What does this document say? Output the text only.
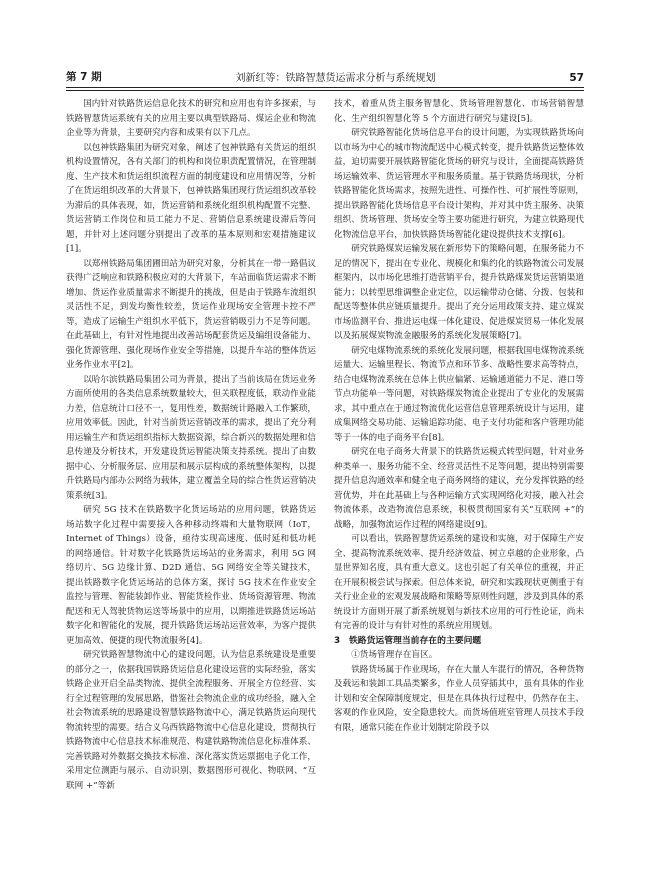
第 7 期	刘新红等：铁路智慧货运需求分析与系统规划	57

国内针对铁路货运信息化技术的研究和应用也有许多探索，与铁路智慧货运系统有关的应用主要以典型铁路局、煤运企业和物流企业等为背景，主要研究内容和成果有以下几点。

以包神铁路集团为研究对象，阐述了包神铁路有关货运的组织机构设置情况，各有关部门的机构和岗位职责配置情况，在管理制度、生产技术和货运组织流程方面的制度建设和应用情况等，分析了在货运组织改革的大背景下，包神铁路集团现行货运组织改革较为滞后的具体表现，如，货运营销和系统化组织机构配置不完整、货运营销工作岗位和员工能力不足、营销信息系统建设滞后等问题，并针对上述问题分别提出了改革的基本原则和宏观措施建议[1]。

以郑州铁路局集团圃田站为研究对象，分析其在一带一路倡议获得广泛响应和铁路积极应对的大背景下，车站面临货运需求不断增加、货运作业质量需求不断提升的挑战，但是由于铁路车流组织灵活性不足，到发均衡性较差，货运作业现场安全管理卡控不严等，造成了运输生产组织水平低下，货运营销吸引力不足等问题。在此基础上，有针对性地提出改善站场配套货运及编组设备能力、强化货源管理、强化现场作业安全等措施，以提升车站的整体货运业务作业水平[2]。

以哈尔滨铁路局集团公司为背景，提出了当前该局在货运业务方面所使用的各类信息系统数量较大，但关联程度低，联动作业能力差，信息统计口径不一，复用性差，数据统计路融入工作繁琐，应用效率低。因此，针对当前货运营销改革的需求，提出了充分利用运输生产和货运组织指标大数据资源，综合新兴的数据处理和信息传递及分析技术，开发建设货运智能决策支持系统。提出了由数据中心、分析服务层、应用层和展示层构成的系统整体架构，以提升铁路局内部办公网络为载体，建立覆盖全局的综合性货运营销决策系统[3]。

研究 5G 技术在铁路数字化货运场站的应用问题，铁路货运场站数字化过程中需要接入各种移动终端和大量物联网（IoT，Internet of Things）设备，亟待实现高速度、低时延和低功耗的网络通信。针对数字化铁路货运场站的业务需求，利用 5G 网络切片、5G 边缘计算、D2D 通信、5G 网络安全等关键技术，提出铁路数字化货运场站的总体方案，探讨 5G 技术在作业安全监控与管理、智能装卸作业、智能货检作业、货场资源管理、物流配送和无人驾驶货物运送等场景中的应用，以期推进铁路货运场站数字化和智能化的发展，提升铁路货运场站运营效率，为客户提供更加高效、便捷的现代物流服务[4]。

研究铁路智慧物流中心的建设问题，认为信息系统建设是重要的部分之一，依据我国铁路货运信息化建设运营的实际经验，落实铁路企业开启全品类物流、提供全流程服务、开展全方位经营、实行全过程管理的发展思路，借鉴社会物流企业的成功经验，融入全社会物流系统的思路建设智慧铁路物流中心，满足铁路货运向现代物流转型的需要。结合义乌西铁路物流中心信息化建设，贯彻执行铁路物流中心信息技术标准规范、构建铁路物流信息化标准体系、完善铁路对外数据交换技术标准、深化落实货运票据电子化工作，采用定位测距与展示、自动识别、数据图形可视化、物联网、“互联网 +”等新

技术，着重从货主服务智慧化、货场管理智慧化、市场营销智慧化、生产组织智慧化等 5 个方面进行研究与建设[5]。

研究铁路智能化货场信息平台的设计问题，为实现铁路货场向以市场为中心的城市物流配送中心模式转变，提升铁路货运整体效益，迫切需要开展铁路智能化货场的研究与设计，全面提高铁路货场运输效率、货运管理水平和服务质量。基于铁路货场现状，分析铁路智能化货场需求，按照先进性、可操作性、可扩展性等原则，提出铁路智能化货场信息平台设计架构，并对其中货主服务、决策组织、货场管理、货场安全等主要功能进行研究，为建立铁路现代化物流信息平台，加快铁路货场智能化建设提供技术支撑[6]。

研究铁路煤炭运输发展在新形势下的策略问题，在服务能力不足的情况下，提出在专业化、规模化和集约化的铁路物流公司发展框架内，以市场化思维打造营销平台，提升铁路煤炭货运营销渠道能力；以转型思维调整企业定位，以运输带动仓储、分拨、包装和配送等整体供应链质量提升。提出了充分运用政策支持、建立煤炭市场监测平台、推进运电煤一体化建设、促进煤炭贸易一体化发展以及拓展煤炭物流金融服务的系统化发展策略[7]。

研究电煤物流系统的系统化发展问题，根据我国电煤物流系统运量大、运输里程长、物流节点和环节多、战略性要求高等特点，结合电煤物流系统在总体上供应偏紧、运输通道能力不足、港口等节点功能单一等问题，对铁路煤炭物流企业提出了专业化的发展需求，其中重点在于通过物流优化运营信息管理系统设计与运用，建成集网络交易功能、运输追踪功能、电子支付功能和客户管理功能等于一体的电子商务平台[8]。

研究在电子商务大背景下的铁路货运模式转型问题，针对业务种类单一、服务功能不全、经营灵活性不足等问题，提出特别需要提升信息沟通效率和健全电子商务网络的建议，充分发挥铁路的经营优势，并在此基础上与各种运输方式实现网络化对接，融入社会物流体系，改造物流信息系统，积极贯彻国家有关“互联网 +”的战略，加强物流运作过程的网络建设[9]。

可以看出，铁路智慧货运系统的建设和实施，对于保障生产安全、提高物流系统效率、提升经济效益、树立卓越的企业形象，凸显世界知名度，具有重大意义。这也引起了有关单位的重视，并正在开展积极尝试与探索。但总体来说，研究和实践现状更侧重于有关行业企业的宏观发展战略和策略等原则性问题，涉及到具体的系统设计方面则开展了新系统规划与新技术应用的可行性论证，尚未有完善的设计与有针对性的系统应用规划。

3　铁路货运管理当前存在的主要问题

①货场管理存在盲区。

铁路货场属于作业现场，存在大量人车混行的情况，各种货物及载运和装卸工具品类繁多，作业人员穿插其中，虽有具体的作业计划和安全保障制度规定，但是在具体执行过程中，仍然存在主、客观的作业风险，安全隐患较大。而货场值班室管理人员技术手段有限，通常只能在作业计划制定阶段予以
